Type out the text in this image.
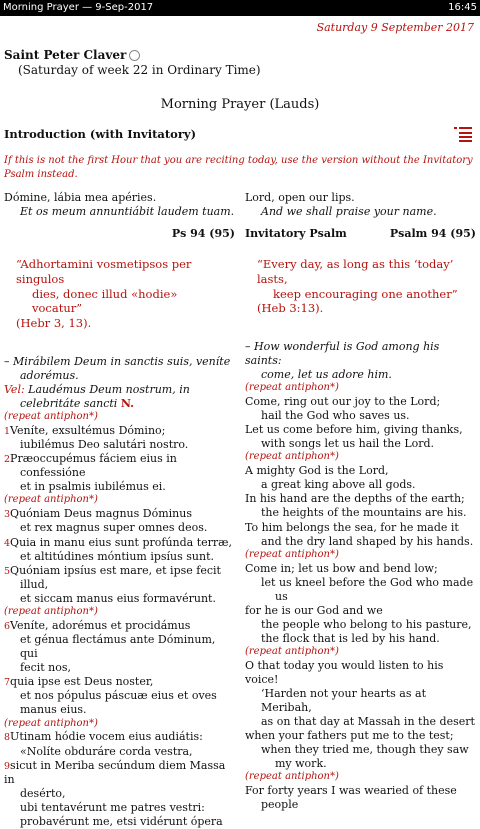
Morning Prayer — 9-Sep-2017	16:45
Saturday 9 September 2017
Saint Peter Claver
(Saturday of week 22 in Ordinary Time)
Morning Prayer (Lauds)
Introduction (with Invitatory)
If this is not the first Hour that you are reciting today, use the version without the Invitatory Psalm instead.

Dómine, lábia mea apéries.

Et os meum annuntiábit laudem tuam.

Ps 94 (95)
“Adhortamini vosmetipsos per singulos
dies, donec illud «hodie» vocatur”
(Hebr 3, 13).

– Mirábilem Deum in sanctis suis, veníte

adorémus.

Vel: Laudémus Deum nostrum, in

celebritáte sancti N.

(repeat antiphon*)

1Veníte, exsultémus Dómino;

iubilémus Deo salutári nostro.

2Præoccupémus fáciem eius in

confessióne

et in psalmis iubilémus ei.

(repeat antiphon*)

3Quóniam Deus magnus Dóminus

et rex magnus super omnes deos.

4Quia in manu eius sunt profúnda terræ,

et altitúdines móntium ipsíus sunt.

5Quóniam ipsíus est mare, et ipse fecit

illud,

et siccam manus eius formavérunt.

(repeat antiphon*)

6Veníte, adorémus et procidámus

et génua flectámus ante Dóminum, qui

fecit nos,

7quia ipse est Deus noster,

et nos pópulus páscuæ eius et oves

manus eius.

(repeat antiphon*)

8Utinam hódie vocem eius audiátis:

«Nolíte obduráre corda vestra,

9sicut in Meriba secúndum diem Massa in

desérto,

ubi tentavérunt me patres vestri:

probavérunt me, etsi vidérunt ópera

Lord, open our lips.

And we shall praise your name.

Invitatory Psalm	Psalm 94 (95)
“Every day, as long as this ‘today’ lasts,
keep encouraging one another”
(Heb 3:13).

– How wonderful is God among his saints:

come, let us adore him.

(repeat antiphon*)

Come, ring out our joy to the Lord;

hail the God who saves us.

Let us come before him, giving thanks,

with songs let us hail the Lord.

(repeat antiphon*)

A mighty God is the Lord,

a great king above all gods.

In his hand are the depths of the earth;

the heights of the mountains are his.

To him belongs the sea, for he made it

and the dry land shaped by his hands.

(repeat antiphon*)

Come in; let us bow and bend low;

let us kneel before the God who made

us

for he is our God and we

the people who belong to his pasture,

the flock that is led by his hand.

(repeat antiphon*)

O that today you would listen to his voice!

‘Harden not your hearts as at Meribah,

as on that day at Massah in the desert

when your fathers put me to the test;

when they tried me, though they saw

my work.

(repeat antiphon*)

For forty years I was wearied of these

people
